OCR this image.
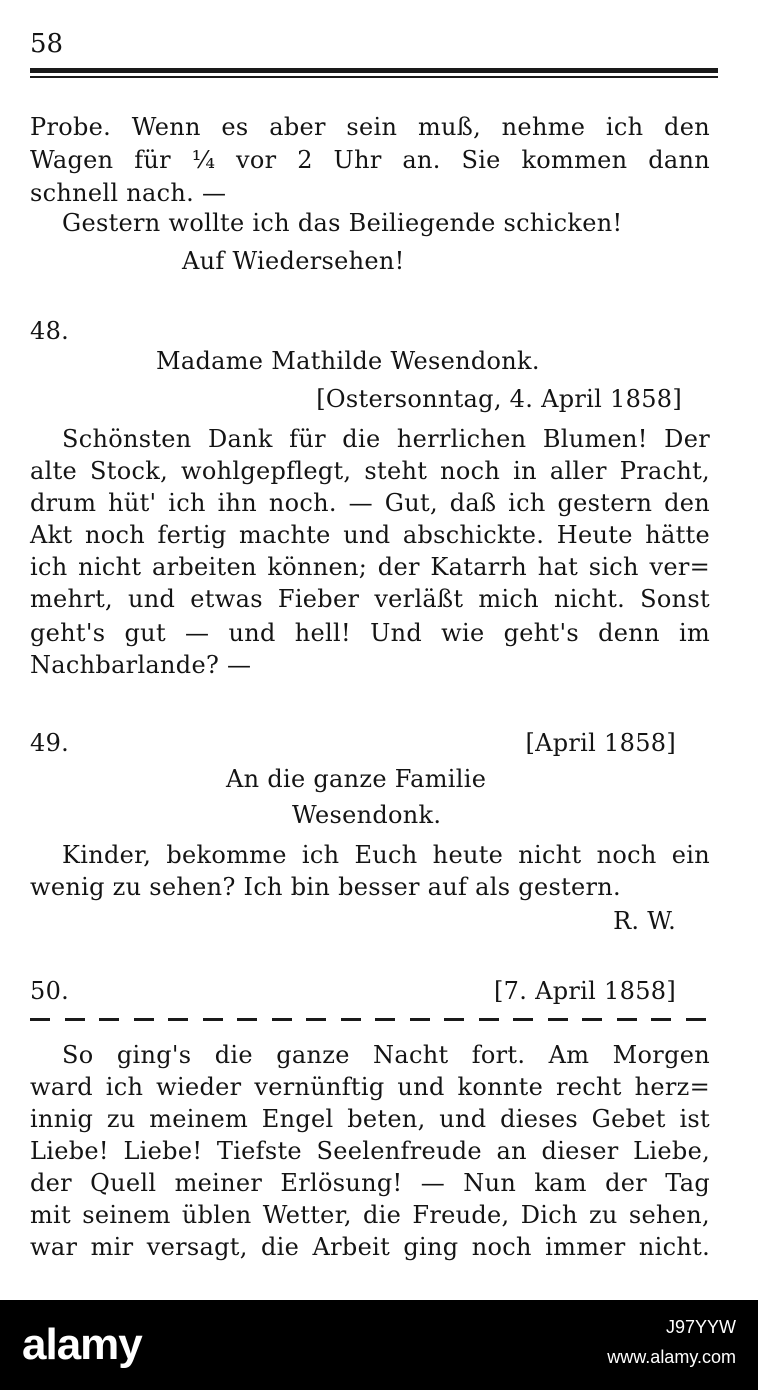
58
Probe. Wenn es aber sein muß, nehme ich den
Wagen für ¼ vor 2 Uhr an. Sie kommen dann
schnell nach. —
Gestern wollte ich das Beiliegende schicken!
Auf Wiedersehen!
48.
Madame Mathilde Wesendonk.
[Ostersonntag, 4. April 1858]
Schönsten Dank für die herrlichen Blumen! Der
alte Stock, wohlgepflegt, steht noch in aller Pracht,
drum hüt' ich ihn noch. — Gut, daß ich gestern den
Akt noch fertig machte und abschickte. Heute hätte
ich nicht arbeiten können; der Katarrh hat sich ver=
mehrt, und etwas Fieber verläßt mich nicht. Sonst
geht's gut — und hell! Und wie geht's denn im
Nachbarlande? —
49.	[April 1858]
An die ganze Familie
Wesendonk.
Kinder, bekomme ich Euch heute nicht noch ein
wenig zu sehen? Ich bin besser auf als gestern.
R. W.
50.	[7. April 1858]
So ging's die ganze Nacht fort. Am Morgen
ward ich wieder vernünftig und konnte recht herz=
innig zu meinem Engel beten, und dieses Gebet ist
Liebe! Liebe! Tiefste Seelenfreude an dieser Liebe,
der Quell meiner Erlösung! — Nun kam der Tag
mit seinem üblen Wetter, die Freude, Dich zu sehen,
war mir versagt, die Arbeit ging noch immer nicht.
alamy	J97YYW
www.alamy.com
